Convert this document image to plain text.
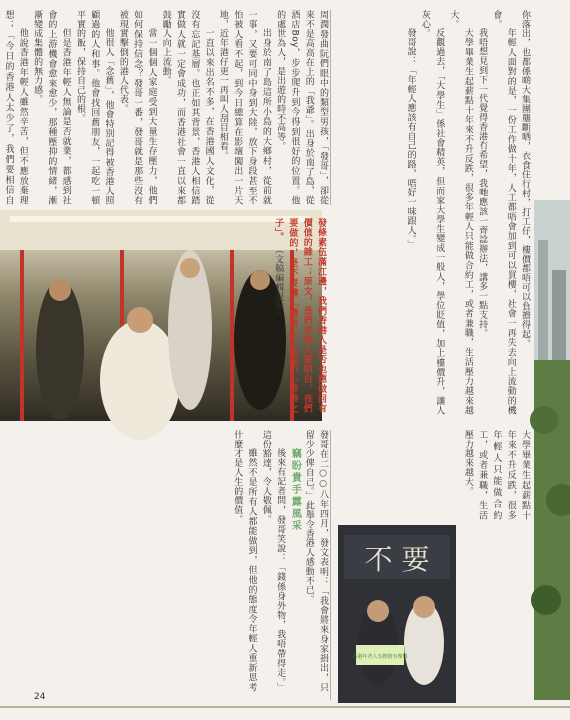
周潤發曲阮們眼中的類型男孩，「發哥」，卻從來不是高高在上的「我爺」。出身於南了島，從酒店Boy，步步爬升到今得到很好的位置。他的處世為人，是出遊的時不高等。

出身於南了島這所小島的大鄉村，從前就一事，又要可同中身到大陸，放下身段甚至不怕被人看不起，到今日總算在影壇闖出一片天地，近年港仔更一再叫人刮目相看。

一直以來出名不多，在香港國人文化，從沒有忘記基層。也正如其背景，香港人相信踏實做人就一定會成功，而香港社會一直以來都鼓勵人向上流動。

當一個個人家庭受到大量生存壓力，他們如何保持信念？發哥一番，發哥就是那些沒有被現實擊倒的港人代表。

他很人「念舊」，他會特別記得被香港人照顧過的人和事。他會找回舊朋友，一起吃一頓平實的飯，保持自己的根。

但是香港年輕人無論是否就業，都感到社會的上游機會愈來愈少，那種壓抑的情緒，漸漸變成集體的無力感。

他說香港年輕人雖然辛苦，但不應放棄理想；「今日的香港人太少了，我們要相信自	你落出，也都係啲大集團壟斷晒，衣食住行村，打工仔，樓價都唔可以負擔得起。

年輕人面對的是，一份工作做十年，人工都唔會加到可以買樓，社會一再失去向上流動的機會。

我唔想見到下一代覺得香港冇希望，我哋應該一齊諗辦法，講多一點支持。

大學畢業生起薪點十年來不升反跌，很多年輕人只能做合約工，或者兼職，生活壓力越來越大。

反觀過去，「大學生」係社會精英，但而家大學生變成一般人，學位貶值，加上樓價升，讓人灰心。

發哥說：「年輕人應該有自己的路，唔好一味跟人。」

發條素伍滿江邊，我們香港人是否也應做回有價值的雜工；原文，是們香港人要明白，我們要做的，是不要讓「機器人」來做，「香港之子」。 （文稿編輯提供）

發哥在二○○八年四月，發文表明：「我會將來身家捐出，只留少少俾自己。」此舉令香港人感動不已。

竊盼貴手露風采

後來有記者問，發哥笑說：「錢係身外物，我唔帶得走。」這份豁達，令人敬佩。

雖然不是所有人都能做到，但他的態度令年輕人重新思考什麼才是人生的價值。	大學畢業生起薪點十年來不升反跌，很多年輕人只能做合約工，或者兼職，生活壓力越來越大。

不 要
香港年青人有熱情有理想
24
